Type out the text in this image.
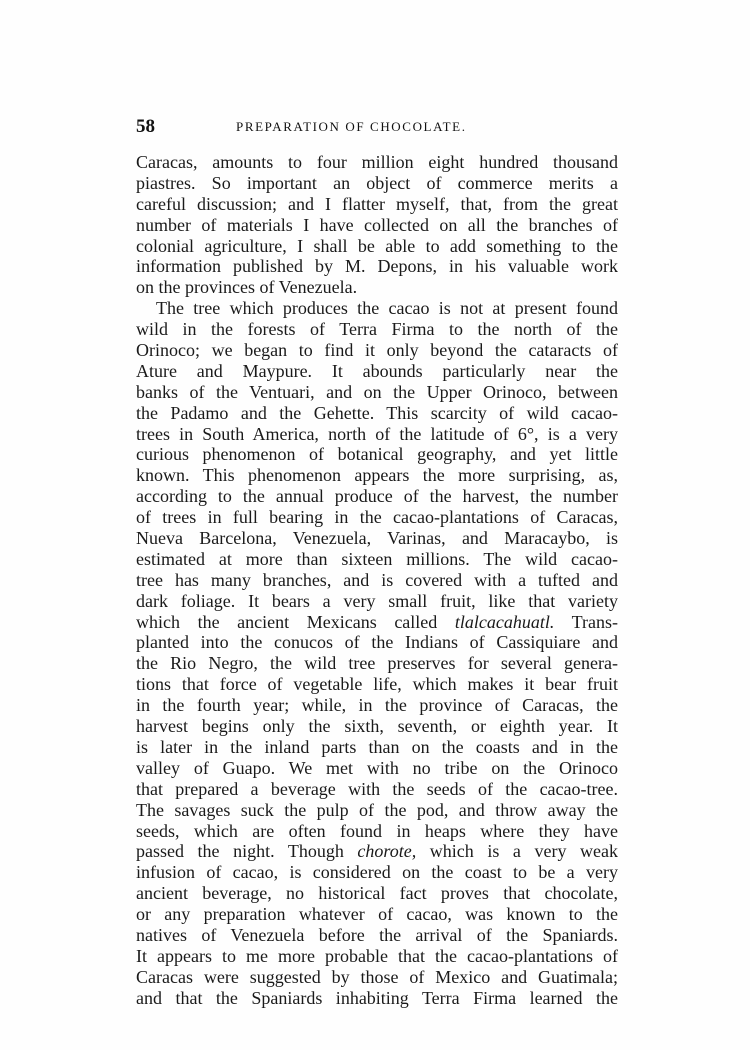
58	PREPARATION OF CHOCOLATE.
Caracas, amounts to four million eight hundred thousand
piastres. So important an object of commerce merits a
careful discussion; and I flatter myself, that, from the great
number of materials I have collected on all the branches of
colonial agriculture, I shall be able to add something to the
information published by M. Depons, in his valuable work
on the provinces of Venezuela.
The tree which produces the cacao is not at present found
wild in the forests of Terra Firma to the north of the
Orinoco; we began to find it only beyond the cataracts of
Ature and Maypure. It abounds particularly near the
banks of the Ventuari, and on the Upper Orinoco, between
the Padamo and the Gehette. This scarcity of wild cacao-
trees in South America, north of the latitude of 6°, is a very
curious phenomenon of botanical geography, and yet little
known. This phenomenon appears the more surprising, as,
according to the annual produce of the harvest, the number
of trees in full bearing in the cacao-plantations of Caracas,
Nueva Barcelona, Venezuela, Varinas, and Maracaybo, is
estimated at more than sixteen millions. The wild cacao-
tree has many branches, and is covered with a tufted and
dark foliage. It bears a very small fruit, like that variety
which the ancient Mexicans called tlalcacahuatl. Trans-
planted into the conucos of the Indians of Cassiquiare and
the Rio Negro, the wild tree preserves for several genera-
tions that force of vegetable life, which makes it bear fruit
in the fourth year; while, in the province of Caracas, the
harvest begins only the sixth, seventh, or eighth year. It
is later in the inland parts than on the coasts and in the
valley of Guapo. We met with no tribe on the Orinoco
that prepared a beverage with the seeds of the cacao-tree.
The savages suck the pulp of the pod, and throw away the
seeds, which are often found in heaps where they have
passed the night. Though chorote, which is a very weak
infusion of cacao, is considered on the coast to be a very
ancient beverage, no historical fact proves that chocolate,
or any preparation whatever of cacao, was known to the
natives of Venezuela before the arrival of the Spaniards.
It appears to me more probable that the cacao-plantations of
Caracas were suggested by those of Mexico and Guatimala;
and that the Spaniards inhabiting Terra Firma learned the
